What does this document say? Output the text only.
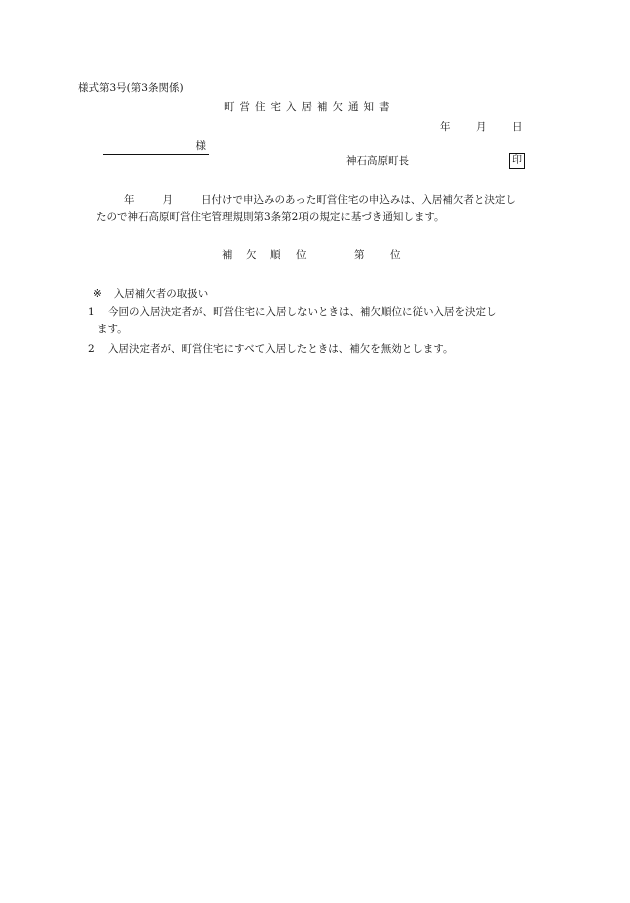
様式第3号(第3条関係)
町営住宅入居補欠通知書
年 月 日
様
神石高原町長	印
年	月	日付けで申込みのあった町営住宅の申込みは、入居補欠者と決定し
たので神石高原町営住宅管理規則第3条第2項の規定に基づき通知します。
補 欠 順 位	第 位
※ 入居補欠者の取扱い
1 今回の入居決定者が、町営住宅に入居しないときは、補欠順位に従い入居を決定し
ます。
2 入居決定者が、町営住宅にすべて入居したときは、補欠を無効とします。
